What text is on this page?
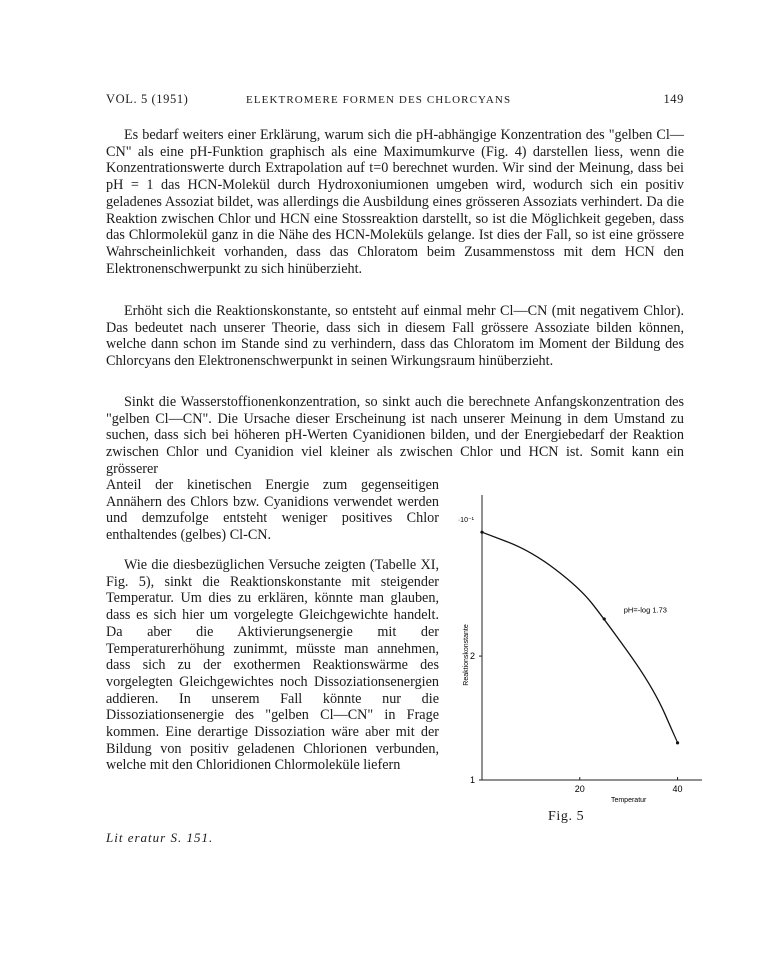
VOL. 5 (1951)	ELEKTROMERE FORMEN DES CHLORCYANS	149

Es bedarf weiters einer Erklärung, warum sich die pH-abhängige Konzentration des "gelben Cl—CN" als eine pH-Funktion graphisch als eine Maximumkurve (Fig. 4) darstellen liess, wenn die Konzentrationswerte durch Extrapolation auf t=0 berechnet wurden. Wir sind der Meinung, dass bei pH = 1 das HCN-Molekül durch Hydroxoniumionen umgeben wird, wodurch sich ein positiv geladenes Assoziat bildet, was allerdings die Ausbildung eines grösseren Assoziats verhindert. Da die Reaktion zwischen Chlor und HCN eine Stossreaktion darstellt, so ist die Möglichkeit gegeben, dass das Chlormolekül ganz in die Nähe des HCN-Moleküls gelange. Ist dies der Fall, so ist eine grössere Wahrscheinlichkeit vorhanden, dass das Chloratom beim Zusammenstoss mit dem HCN den Elektronenschwerpunkt zu sich hinüberzieht.

Erhöht sich die Reaktionskonstante, so entsteht auf einmal mehr Cl—CN (mit negativem Chlor). Das bedeutet nach unserer Theorie, dass sich in diesem Fall grössere Assoziate bilden können, welche dann schon im Stande sind zu verhindern, dass das Chloratom im Moment der Bildung des Chlorcyans den Elektronenschwerpunkt in seinen Wirkungsraum hinüberzieht.

Sinkt die Wasserstoffionenkonzentration, so sinkt auch die berechnete Anfangskonzentration des "gelben Cl—CN". Die Ursache dieser Erscheinung ist nach unserer Meinung in dem Umstand zu suchen, dass sich bei höheren pH-Werten Cyanidionen bilden, und der Energiebedarf der Reaktion zwischen Chlor und Cyanidion viel kleiner als zwischen Chlor und HCN ist. Somit kann ein grösserer

Anteil der kinetischen Energie zum gegenseitigen Annähern des Chlors bzw. Cyanidions verwendet werden und demzufolge entsteht weniger positives Chlor enthaltendes (gelbes) Cl-CN.

Wie die diesbezüglichen Versuche zeigten (Tabelle XI, Fig. 5), sinkt die Reaktionskonstante mit steigender Temperatur. Um dies zu erklären, könnte man glauben, dass es sich hier um vorgelegte Gleichgewichte handelt. Da aber die Aktivierungsenergie mit der Temperaturerhöhung zunimmt, müsste man annehmen, dass sich zu der exothermen Reaktionswärme des vorgelegten Gleichgewichtes noch Dissoziationsenergien addieren. In unserem Fall könnte nur die Dissoziationsenergie des "gelben Cl—CN" in Frage kommen. Eine derartige Dissoziation wäre aber mit der Bildung von positiv geladenen Chlorionen verbunden, welche mit den Chloridionen Chlormoleküle liefern

Lit eratur S. 151.
·10⁻¹
1
2
20	40
Temperatur
Reaktionskonstante
pH=-log 1.73
Fig. 5
